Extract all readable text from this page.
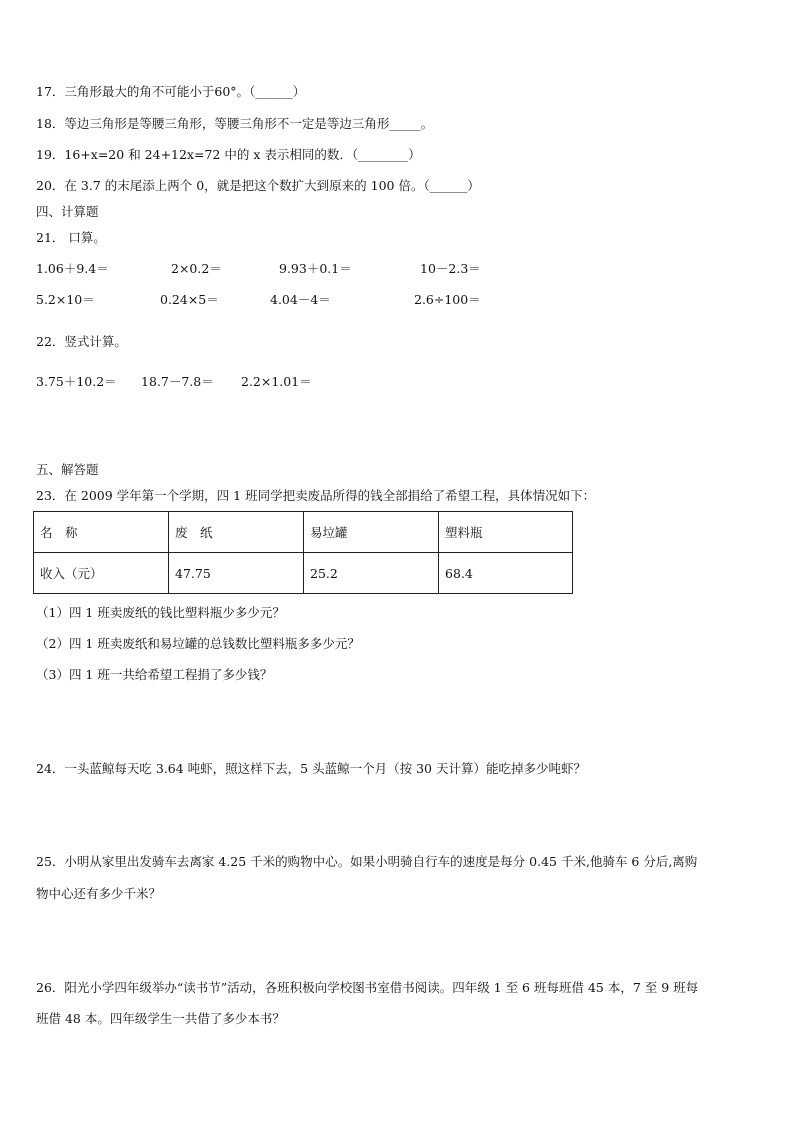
17．三角形最大的角不可能小于60°。（______）
18．等边三角形是等腰三角形，等腰三角形不一定是等边三角形_____。
19．16+x=20 和 24+12x=72 中的 x 表示相同的数．（________）
20．在 3.7 的末尾添上两个 0，就是把这个数扩大到原来的 100 倍。（______）
四、计算题
21． 口算。
1.06＋9.4＝	2×0.2＝	9.93＋0.1＝	10－2.3＝
5.2×10＝	0.24×5＝	4.04－4＝	2.6÷100＝
22．竖式计算。
3.75＋10.2＝ 18.7－7.8＝ 2.2×1.01＝
五、解答题
23．在 2009 学年第一个学期，四 1 班同学把卖废品所得的钱全部捐给了希望工程，具体情况如下：
名　称	废　纸	易垃罐	塑料瓶
收入（元）	47.75	25.2	68.4
（1）四 1 班卖废纸的钱比塑料瓶少多少元？
（2）四 1 班卖废纸和易垃罐的总钱数比塑料瓶多多少元？
（3）四 1 班一共给希望工程捐了多少钱？
24．一头蓝鲸每天吃 3.64 吨虾，照这样下去，5 头蓝鲸一个月（按 30 天计算）能吃掉多少吨虾？
25．小明从家里出发骑车去离家 4.25 千米的购物中心。如果小明骑自行车的速度是每分 0.45 千米,他骑车 6 分后,离购
物中心还有多少千米？
26．阳光小学四年级举办“读书节”活动，各班积极向学校图书室借书阅读。四年级 1 至 6 班每班借 45 本，7 至 9 班每
班借 48 本。四年级学生一共借了多少本书？
